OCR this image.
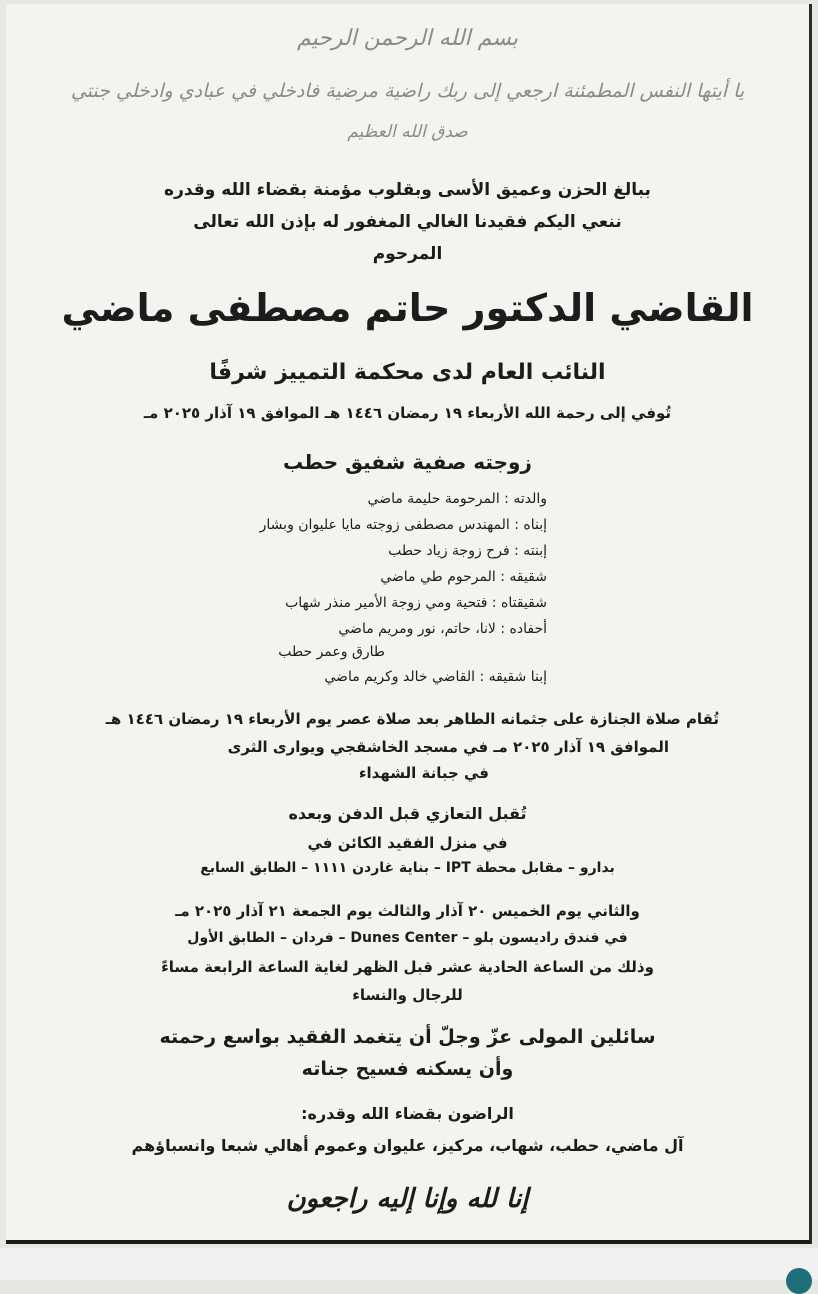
بسم الله الرحمن الرحيم
يا أيتها النفس المطمئنة ارجعي إلى ربك راضية مرضية فادخلي في عبادي وادخلي جنتي
صدق الله العظيم
ببالغ الحزن وعميق الأسى وبقلوب مؤمنة بقضاء الله وقدره
ننعي اليكم فقيدنا الغالي المغفور له بإذن الله تعالى
المرحوم
القاضي الدكتور حاتم مصطفى ماضي
النائب العام لدى محكمة التمييز شرفًا
تُوفي إلى رحمة الله الأربعاء ١٩ رمضان ١٤٤٦ هـ الموافق ١٩ آذار ٢٠٢٥ مـ
زوجته صفية شفيق حطب
والدته : المرحومة حليمة ماضي
إبناه : المهندس مصطفى زوجته مايا عليوان وبشار
إبنته : فرح زوجة زياد حطب
شقيقه : المرحوم طي ماضي
شقيقتاه : فتحية ومي زوجة الأمير منذر شهاب
أحفاده : لانا، حاتم، نور ومريم ماضي
طارق وعمر حطب
إبنا شقيقه : القاضي خالد وكريم ماضي
تُقام صلاة الجنازة على جثمانه الطاهر بعد صلاة عصر يوم الأربعاء ١٩ رمضان ١٤٤٦ هـ
الموافق ١٩ آذار ٢٠٢٥ مـ في مسجد الخاشقجي ويوارى الثرى
في جبانة الشهداء
تُقبل التعازي قبل الدفن وبعده
في منزل الفقيد الكائن في
بدارو – مقابل محطة IPT – بناية غاردن ١١١١ – الطابق السابع
والثاني يوم الخميس ٢٠ آذار والثالث يوم الجمعة ٢١ آذار ٢٠٢٥ مـ
في فندق راديسون بلو – Dunes Center – فردان – الطابق الأول
وذلك من الساعة الحادية عشر قبل الظهر لغاية الساعة الرابعة مساءً
للرجال والنساء
سائلين المولى عزّ وجلّ أن يتغمد الفقيد بواسع رحمته
وأن يسكنه فسيح جناته
الراضون بقضاء الله وقدره:
آل ماضي، حطب، شهاب، مركيز، عليوان وعموم أهالي شبعا وانسباؤهم
إنا لله وإنا إليه راجعون
